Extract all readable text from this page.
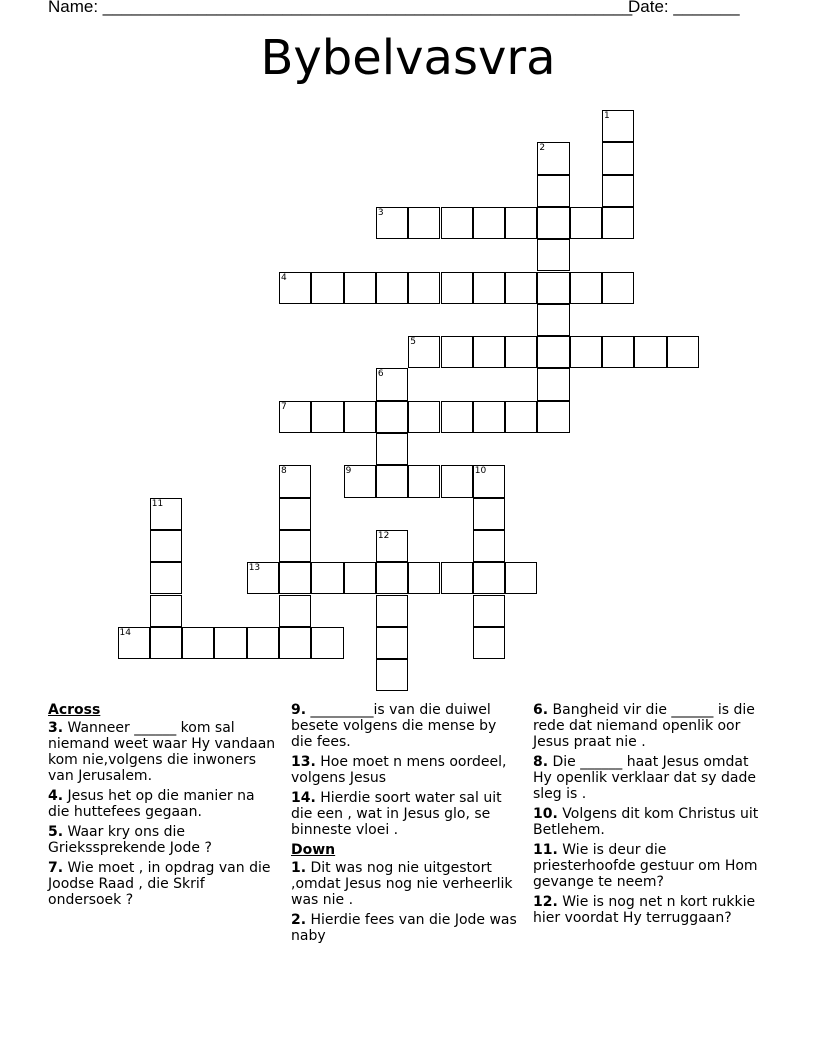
Name: ________________________________________________________
Date: _______
Bybelvasvra
1
2
3
4
5
6
7
8	9	10
11
12
13
14
Across
3. Wanneer ______ kom sal niemand weet waar Hy vandaan kom nie,volgens die inwoners van Jerusalem.
4. Jesus het op die manier na die huttefees gegaan.
5. Waar kry ons die Griekssprekende Jode ?
7. Wie moet , in opdrag van die Joodse Raad , die Skrif ondersoek ?
9. _________is van die duiwel besete volgens die mense by die fees.
13. Hoe moet n mens oordeel, volgens Jesus
14. Hierdie soort water sal uit die een , wat in Jesus glo, se binneste vloei .
Down
1. Dit was nog nie uitgestort ,omdat Jesus nog nie verheerlik was nie .
2. Hierdie fees van die Jode was naby
6. Bangheid vir die ______ is die rede dat niemand openlik oor Jesus praat nie .
8. Die ______ haat Jesus omdat Hy openlik verklaar dat sy dade sleg is .
10. Volgens dit kom Christus uit Betlehem.
11. Wie is deur die priesterhoofde gestuur om Hom gevange te neem?
12. Wie is nog net n kort rukkie hier voordat Hy terruggaan?
